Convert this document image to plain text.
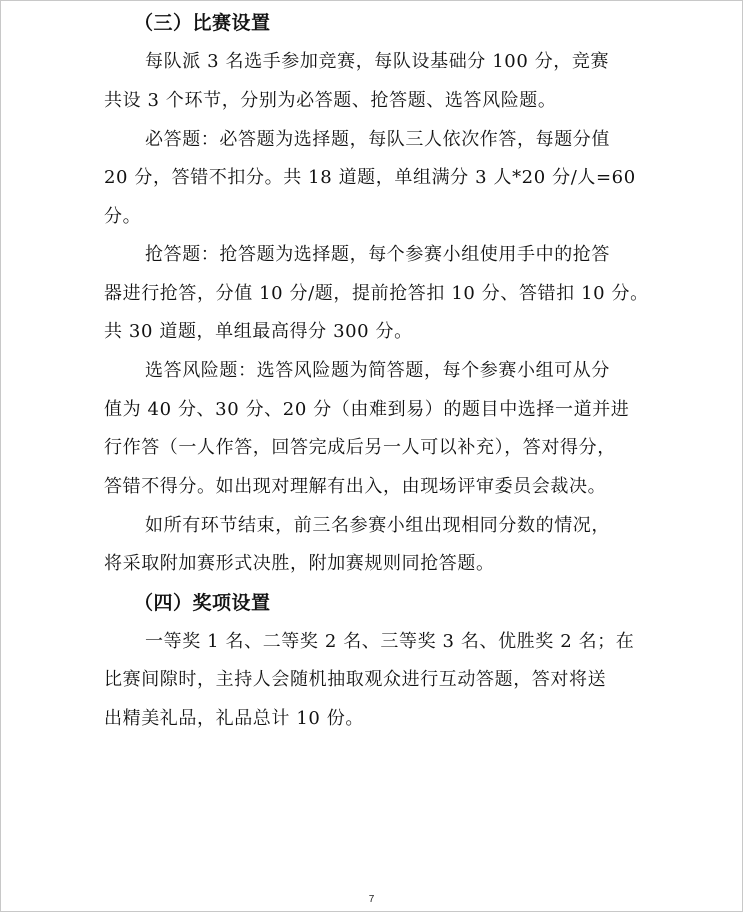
（三）比赛设置
每队派 3 名选手参加竞赛，每队设基础分 100 分，竞赛
共设 3 个环节，分别为必答题、抢答题、选答风险题。
必答题：必答题为选择题，每队三人依次作答，每题分值
20 分，答错不扣分。共 18 道题，单组满分 3 人*20 分/人=60
分。
抢答题：抢答题为选择题，每个参赛小组使用手中的抢答
器进行抢答，分值 10 分/题，提前抢答扣 10 分、答错扣 10 分。
共 30 道题，单组最高得分 300 分。
选答风险题：选答风险题为简答题，每个参赛小组可从分
值为 40 分、30 分、20 分（由难到易）的题目中选择一道并进
行作答（一人作答，回答完成后另一人可以补充），答对得分，
答错不得分。如出现对理解有出入，由现场评审委员会裁决。
如所有环节结束，前三名参赛小组出现相同分数的情况，
将采取附加赛形式决胜，附加赛规则同抢答题。
（四）奖项设置
一等奖 1 名、二等奖 2 名、三等奖 3 名、优胜奖 2 名；在
比赛间隙时，主持人会随机抽取观众进行互动答题，答对将送
出精美礼品，礼品总计 10 份。
7
